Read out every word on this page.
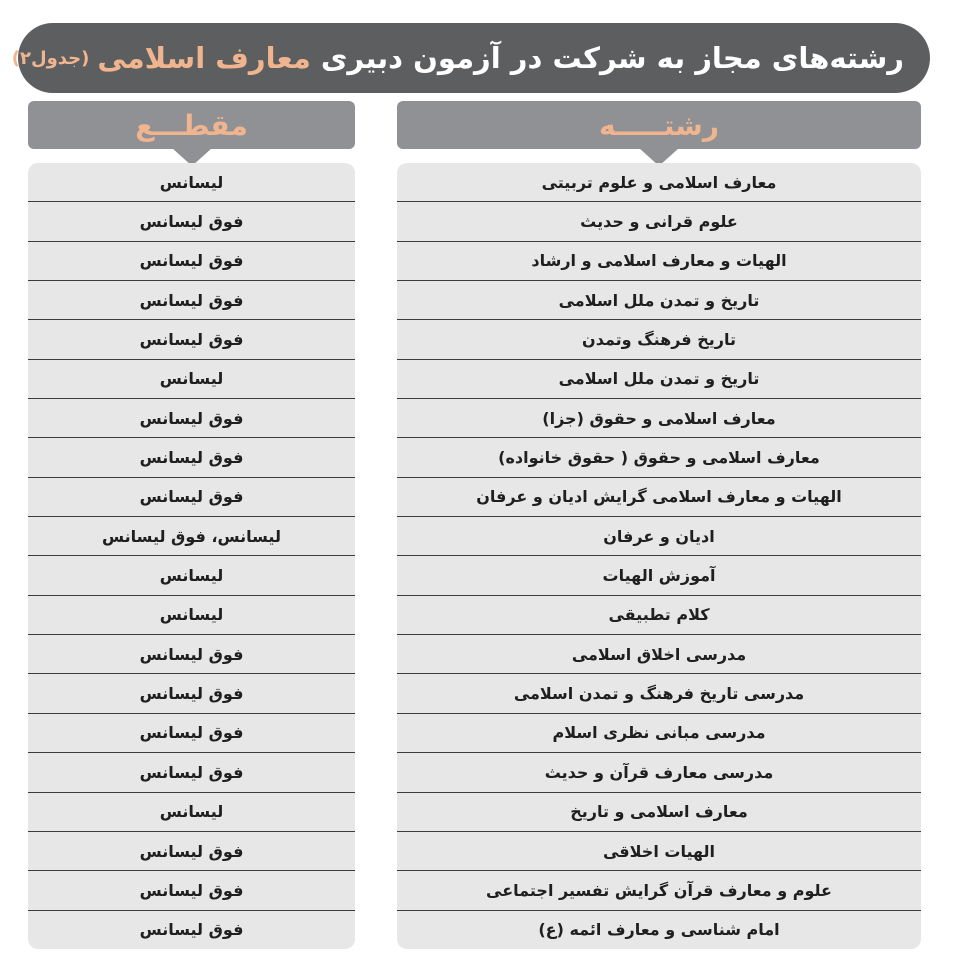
رشته‌های مجاز به شرکت در آزمون دبیری
معارف اسلامی
(جدول۲)
رشتـــــه
مقطـــع
معارف اسلامی و علوم تربیتی
علوم قرانی و حدیث
الهیات و معارف اسلامی و ارشاد
تاریخ و تمدن ملل اسلامی
تاریخ فرهنگ وتمدن
تاریخ و تمدن ملل اسلامی
معارف اسلامی و حقوق (جزا)
معارف اسلامی و حقوق ( حقوق خانواده)
الهیات و معارف اسلامی گرایش ادیان و عرفان
ادیان و عرفان
آموزش الهیات
کلام تطبیقی
مدرسی اخلاق اسلامی
مدرسی تاریخ فرهنگ و تمدن اسلامی
مدرسی مبانی نظری اسلام
مدرسی معارف قرآن و حدیث
معارف اسلامی و تاریخ
الهیات اخلاقی
علوم و معارف قرآن گرایش تفسیر اجتماعی
امام شناسی و معارف ائمه (ع)
لیسانس
فوق لیسانس
فوق لیسانس
فوق لیسانس
فوق لیسانس
لیسانس
فوق لیسانس
فوق لیسانس
فوق لیسانس
لیسانس، فوق لیسانس
لیسانس
لیسانس
فوق لیسانس
فوق لیسانس
فوق لیسانس
فوق لیسانس
لیسانس
فوق لیسانس
فوق لیسانس
فوق لیسانس
